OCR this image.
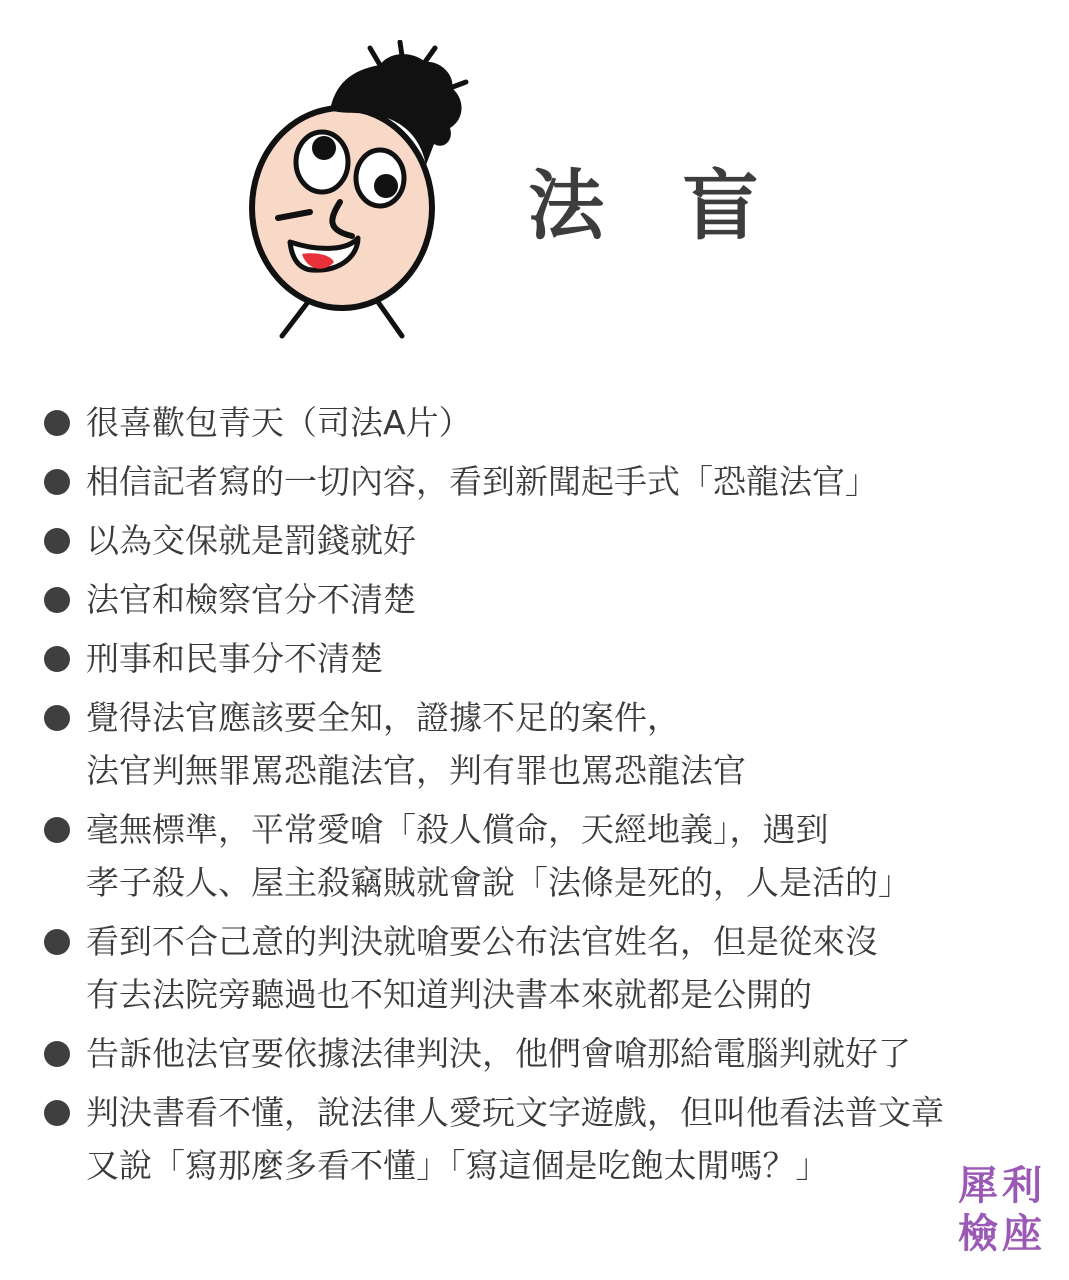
法 盲
很喜歡包青天（司法A片）
相信記者寫的一切內容，看到新聞起手式「恐龍法官」
以為交保就是罰錢就好
法官和檢察官分不清楚
刑事和民事分不清楚
覺得法官應該要全知，證據不足的案件，
法官判無罪罵恐龍法官，判有罪也罵恐龍法官
毫無標準，平常愛嗆「殺人償命，天經地義」，遇到
孝子殺人、屋主殺竊賊就會說「法條是死的，人是活的」
看到不合己意的判決就嗆要公布法官姓名，但是從來沒
有去法院旁聽過也不知道判決書本來就都是公開的
告訴他法官要依據法律判決，他們會嗆那給電腦判就好了
判決書看不懂，說法律人愛玩文字遊戲，但叫他看法普文章
又說「寫那麼多看不懂」「寫這個是吃飽太閒嗎？」	犀利
檢座
